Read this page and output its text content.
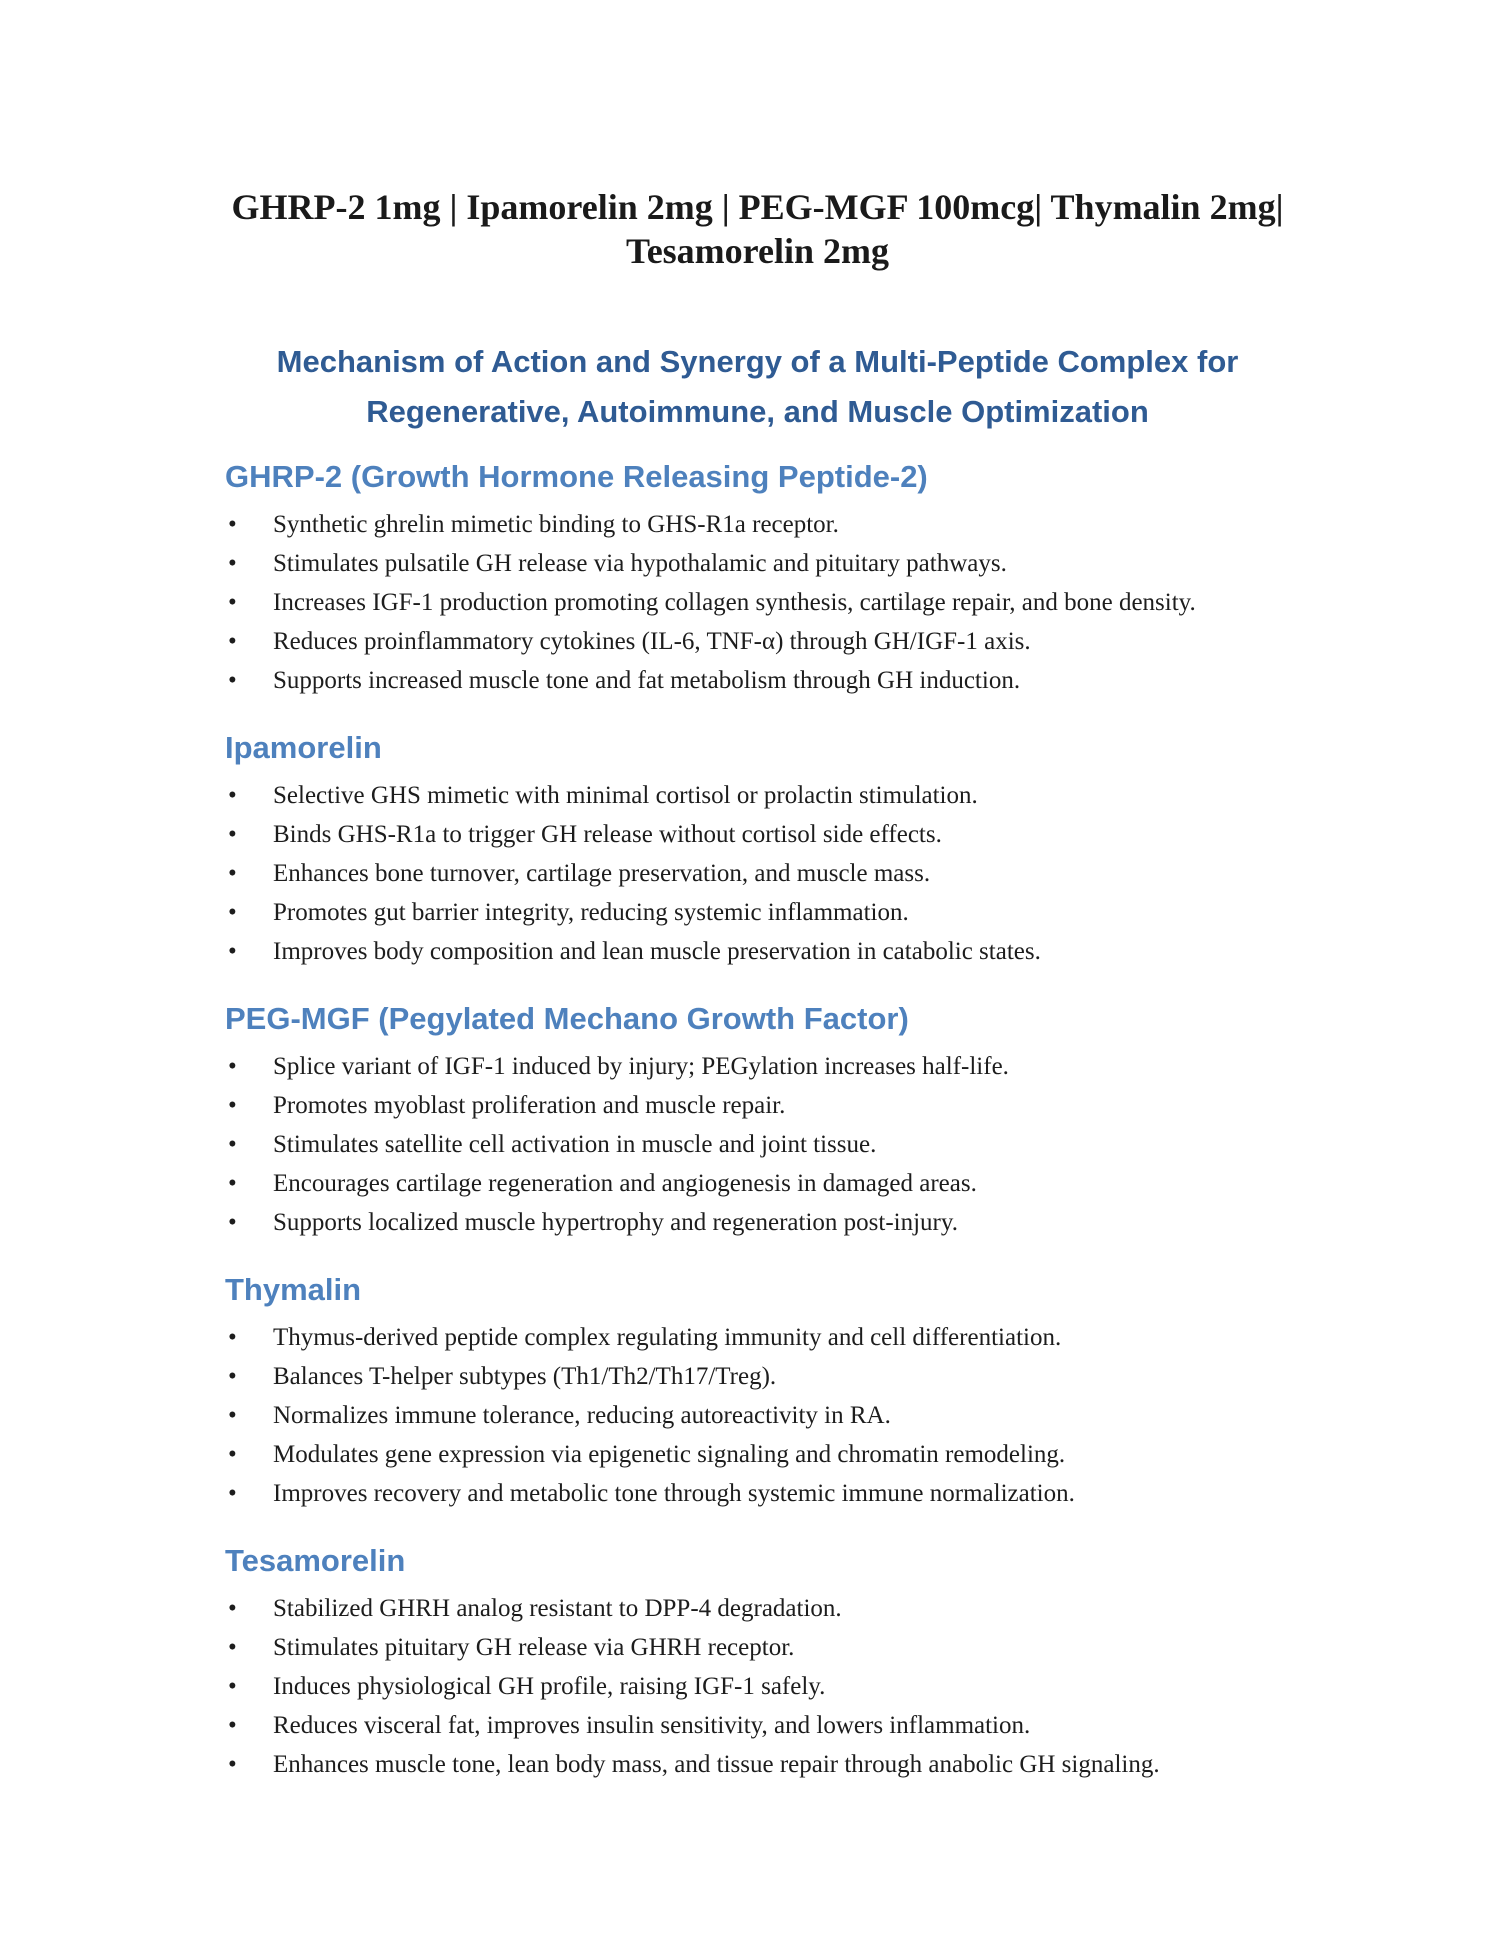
GHRP-2 1mg | Ipamorelin 2mg | PEG-MGF 100mcg| Thymalin 2mg|
Tesamorelin 2mg
Mechanism of Action and Synergy of a Multi-Peptide Complex for
Regenerative, Autoimmune, and Muscle Optimization
GHRP-2 (Growth Hormone Releasing Peptide-2)
• Synthetic ghrelin mimetic binding to GHS-R1a receptor.
• Stimulates pulsatile GH release via hypothalamic and pituitary pathways.
• Increases IGF-1 production promoting collagen synthesis, cartilage repair, and bone density.
• Reduces proinflammatory cytokines (IL-6, TNF-α) through GH/IGF-1 axis.
• Supports increased muscle tone and fat metabolism through GH induction.
Ipamorelin
• Selective GHS mimetic with minimal cortisol or prolactin stimulation.
• Binds GHS-R1a to trigger GH release without cortisol side effects.
• Enhances bone turnover, cartilage preservation, and muscle mass.
• Promotes gut barrier integrity, reducing systemic inflammation.
• Improves body composition and lean muscle preservation in catabolic states.
PEG-MGF (Pegylated Mechano Growth Factor)
• Splice variant of IGF-1 induced by injury; PEGylation increases half-life.
• Promotes myoblast proliferation and muscle repair.
• Stimulates satellite cell activation in muscle and joint tissue.
• Encourages cartilage regeneration and angiogenesis in damaged areas.
• Supports localized muscle hypertrophy and regeneration post-injury.
Thymalin
• Thymus-derived peptide complex regulating immunity and cell differentiation.
• Balances T-helper subtypes (Th1/Th2/Th17/Treg).
• Normalizes immune tolerance, reducing autoreactivity in RA.
• Modulates gene expression via epigenetic signaling and chromatin remodeling.
• Improves recovery and metabolic tone through systemic immune normalization.
Tesamorelin
• Stabilized GHRH analog resistant to DPP-4 degradation.
• Stimulates pituitary GH release via GHRH receptor.
• Induces physiological GH profile, raising IGF-1 safely.
• Reduces visceral fat, improves insulin sensitivity, and lowers inflammation.
• Enhances muscle tone, lean body mass, and tissue repair through anabolic GH signaling.
